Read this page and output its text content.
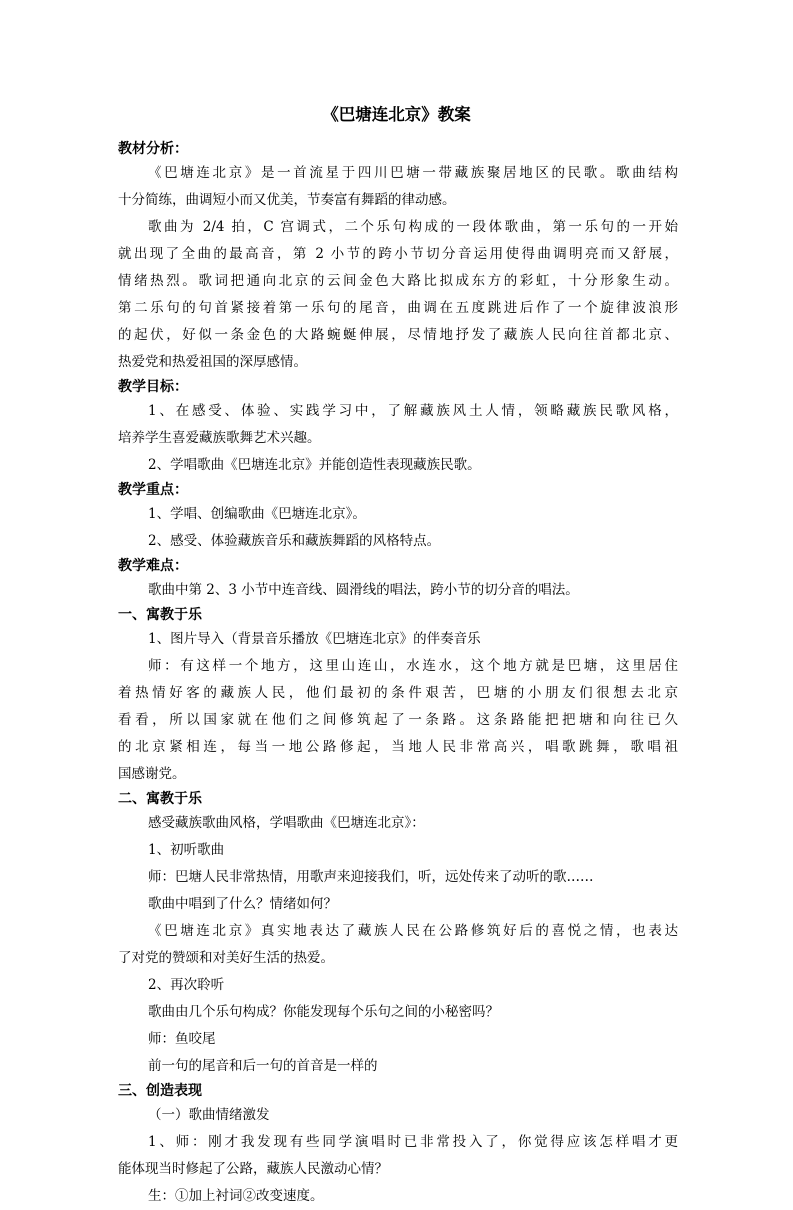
《巴塘连北京》教案
教材分析：
《巴塘连北京》是一首流星于四川巴塘一带藏族聚居地区的民歌。歌曲结构
十分简练，曲调短小而又优美，节奏富有舞蹈的律动感。
歌曲为 2/4 拍，C 宫调式，二个乐句构成的一段体歌曲，第一乐句的一开始
就出现了全曲的最高音，第 2 小节的跨小节切分音运用使得曲调明亮而又舒展，
情绪热烈。歌词把通向北京的云间金色大路比拟成东方的彩虹，十分形象生动。
第二乐句的句首紧接着第一乐句的尾音，曲调在五度跳进后作了一个旋律波浪形
的起伏，好似一条金色的大路蜿蜒伸展，尽情地抒发了藏族人民向往首都北京、
热爱党和热爱祖国的深厚感情。
教学目标：
1、在感受、体验、实践学习中，了解藏族风土人情，领略藏族民歌风格，
培养学生喜爱藏族歌舞艺术兴趣。
2、学唱歌曲《巴塘连北京》并能创造性表现藏族民歌。
教学重点：
1、学唱、创编歌曲《巴塘连北京》。
2、感受、体验藏族音乐和藏族舞蹈的风格特点。
教学难点：
歌曲中第 2、3 小节中连音线、圆滑线的唱法，跨小节的切分音的唱法。
一、寓教于乐
1、图片导入（背景音乐播放《巴塘连北京》的伴奏音乐
师：有这样一个地方，这里山连山，水连水，这个地方就是巴塘，这里居住
着热情好客的藏族人民，他们最初的条件艰苦，巴塘的小朋友们很想去北京
看看，所以国家就在他们之间修筑起了一条路。这条路能把把塘和向往已久
的北京紧相连，每当一地公路修起，当地人民非常高兴，唱歌跳舞，歌唱祖
国感谢党。
二、寓教于乐
感受藏族歌曲风格，学唱歌曲《巴塘连北京》：
1、初听歌曲
师：巴塘人民非常热情，用歌声来迎接我们，听，远处传来了动听的歌……
歌曲中唱到了什么？情绪如何？
《巴塘连北京》真实地表达了藏族人民在公路修筑好后的喜悦之情，也表达
了对党的赞颂和对美好生活的热爱。
2、再次聆听
歌曲由几个乐句构成？你能发现每个乐句之间的小秘密吗？
师：鱼咬尾
前一句的尾音和后一句的首音是一样的
三、创造表现
（一）歌曲情绪激发
1、师：刚才我发现有些同学演唱时已非常投入了，你觉得应该怎样唱才更
能体现当时修起了公路，藏族人民激动心情？
生：①加上衬词②改变速度。
